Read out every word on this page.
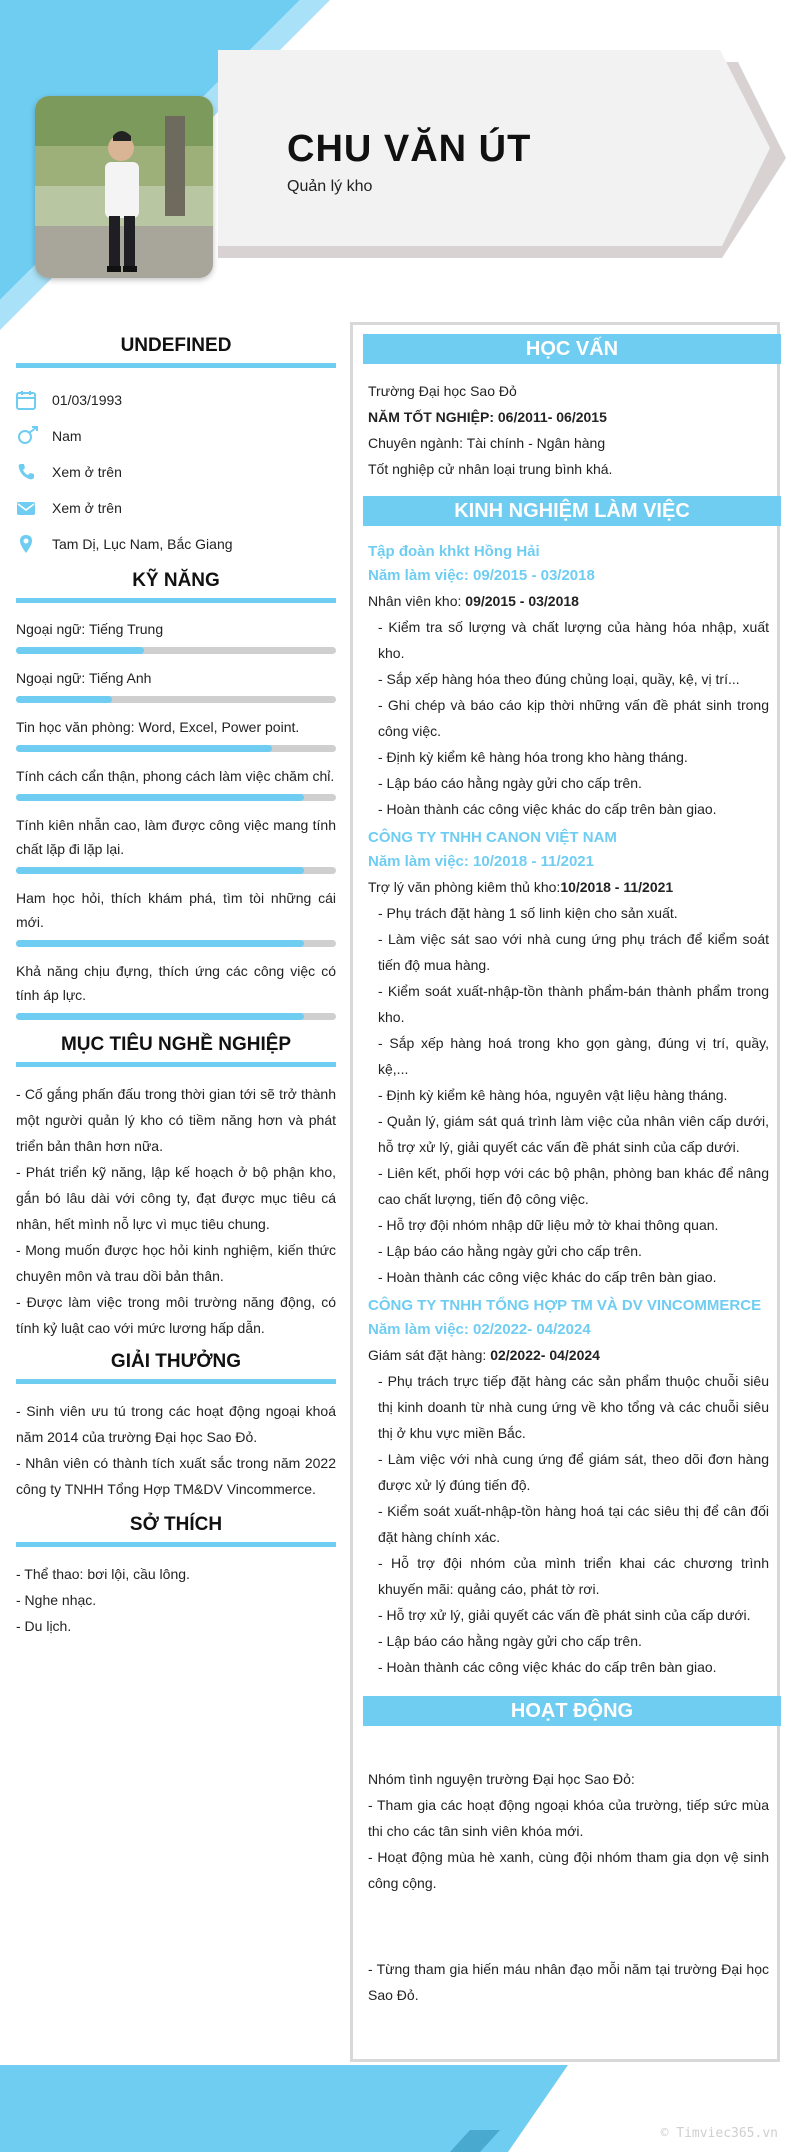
CHU VĂN ÚT
Quản lý kho
UNDEFINED
01/03/1993
Nam
Xem ở trên
Xem ở trên
Tam Dị, Lục Nam, Bắc Giang
KỸ NĂNG
Ngoại ngữ: Tiếng Trung
Ngoại ngữ: Tiếng Anh
Tin học văn phòng: Word, Excel, Power point.
Tính cách cẩn thận, phong cách làm việc chăm chỉ.
Tính kiên nhẫn cao, làm được công việc mang tính chất lặp đi lặp lại.
Ham học hỏi, thích khám phá, tìm tòi những cái mới.
Khả năng chịu đựng, thích ứng các công việc có tính áp lực.
MỤC TIÊU NGHỀ NGHIỆP

- Cố gắng phấn đấu trong thời gian tới sẽ trở thành một người quản lý kho có tiềm năng hơn và phát triển bản thân hơn nữa.

- Phát triển kỹ năng, lập kế hoạch ở bộ phận kho, gắn bó lâu dài với công ty, đạt được mục tiêu cá nhân, hết mình nỗ lực vì mục tiêu chung.

- Mong muốn được học hỏi kinh nghiệm, kiến thức chuyên môn và trau dồi bản thân.

- Được làm việc trong môi trường năng động, có tính kỷ luật cao với mức lương hấp dẫn.

GIẢI THƯỞNG

- Sinh viên ưu tú trong các hoạt động ngoại khoá năm 2014 của trường Đại học Sao Đỏ.

- Nhân viên có thành tích xuất sắc trong năm 2022 công ty TNHH Tổng Hợp TM&DV Vincommerce.

SỞ THÍCH

- Thể thao: bơi lội, cầu lông.

- Nghe nhạc.

- Du lịch.

HỌC VẤN
Trường Đại học Sao Đỏ
NĂM TỐT NGHIỆP: 06/2011- 06/2015
Chuyên ngành: Tài chính - Ngân hàng
Tốt nghiệp cử nhân loại trung bình khá.
KINH NGHIỆM LÀM VIỆC
Tập đoàn khkt Hồng Hải
Năm làm việc: 09/2015 - 03/2018
Nhân viên kho: 09/2015 - 03/2018
- Kiểm tra số lượng và chất lượng của hàng hóa nhập, xuất kho.
- Sắp xếp hàng hóa theo đúng chủng loại, quầy, kệ, vị trí...
- Ghi chép và báo cáo kịp thời những vấn đề phát sinh trong công việc.
- Định kỳ kiểm kê hàng hóa trong kho hàng tháng.
- Lập báo cáo hằng ngày gửi cho cấp trên.
- Hoàn thành các công việc khác do cấp trên bàn giao.
CÔNG TY TNHH CANON VIỆT NAM
Năm làm việc: 10/2018 - 11/2021
Trợ lý văn phòng kiêm thủ kho:10/2018 - 11/2021
- Phụ trách đặt hàng 1 số linh kiện cho sản xuất.
- Làm việc sát sao với nhà cung ứng phụ trách để kiểm soát tiến độ mua hàng.
- Kiểm soát xuất-nhập-tồn thành phẩm-bán thành phẩm trong kho.
- Sắp xếp hàng hoá trong kho gọn gàng, đúng vị trí, quầy, kệ,...
- Định kỳ kiểm kê hàng hóa, nguyên vật liệu hàng tháng.
- Quản lý, giám sát quá trình làm việc của nhân viên cấp dưới, hỗ trợ xử lý, giải quyết các vấn đề phát sinh của cấp dưới.
- Liên kết, phối hợp với các bộ phận, phòng ban khác để nâng cao chất lượng, tiến độ công việc.
- Hỗ trợ đội nhóm nhập dữ liệu mở tờ khai thông quan.
- Lập báo cáo hằng ngày gửi cho cấp trên.
- Hoàn thành các công việc khác do cấp trên bàn giao.
CÔNG TY TNHH TỔNG HỢP TM VÀ DV VINCOMMERCE
Năm làm việc: 02/2022- 04/2024
Giám sát đặt hàng: 02/2022- 04/2024
- Phụ trách trực tiếp đặt hàng các sản phẩm thuộc chuỗi siêu thị kinh doanh từ nhà cung ứng về kho tổng và các chuỗi siêu thị ở khu vực miền Bắc.
- Làm việc với nhà cung ứng để giám sát, theo dõi đơn hàng được xử lý đúng tiến độ.
- Kiểm soát xuất-nhập-tồn hàng hoá tại các siêu thị để cân đối đặt hàng chính xác.
- Hỗ trợ đội nhóm của mình triển khai các chương trình khuyến mãi: quảng cáo, phát tờ rơi.
- Hỗ trợ xử lý, giải quyết các vấn đề phát sinh của cấp dưới.
- Lập báo cáo hằng ngày gửi cho cấp trên.
- Hoàn thành các công việc khác do cấp trên bàn giao.
HOẠT ĐỘNG
Nhóm tình nguyện trường Đại học Sao Đỏ:
- Tham gia các hoạt động ngoại khóa của trường, tiếp sức mùa thi cho các tân sinh viên khóa mới.
- Hoạt động mùa hè xanh, cùng đội nhóm tham gia dọn vệ sinh công cộng.
- Từng tham gia hiến máu nhân đạo mỗi năm tại trường Đại học Sao Đỏ.
© Timviec365.vn
